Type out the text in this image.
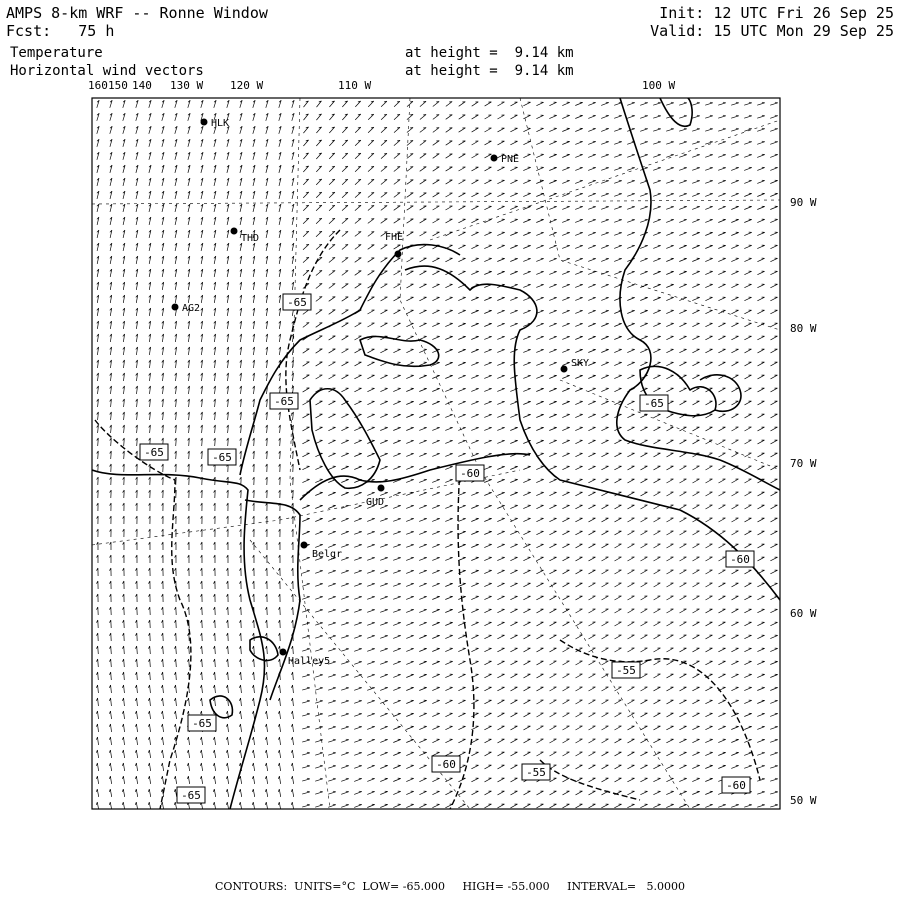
AMPS 8-km WRF -- Ronne Window
Fcst: 75 h
Init: 12 UTC Fri 26 Sep 25
Valid: 15 UTC Mon 29 Sep 25
Temperature
Horizontal wind vectors
at height =  9.14 km
at height =  9.14 km
160 150 140 130 W 120 W	110 W	100 W
90 W
80 W
70 W
60 W
50 W
-65
-65
-65	-65
-60
-55
-60
-55
-60
-65
-65
-65
-60
HLK
PNE
THD	FHE
AG2
SKY
GUD
Belgr
Halley5
CONTOURS:  UNITS=°C  LOW= -65.000     HIGH= -55.000     INTERVAL=   5.0000
